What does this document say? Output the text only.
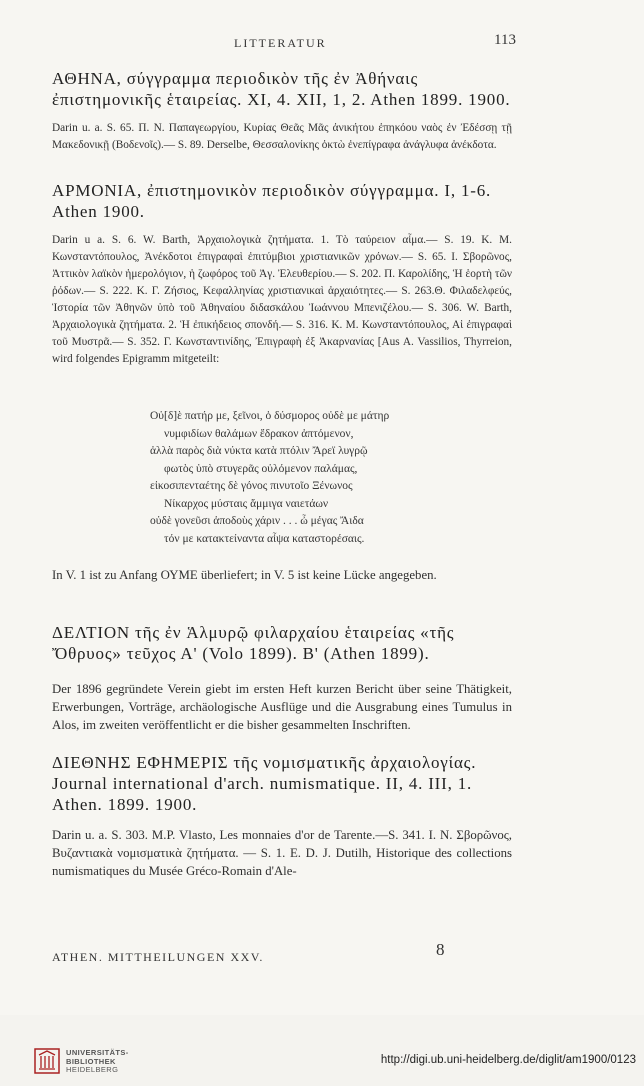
LITTERATUR	113
ΑΘΗΝΑ, σύγγραμμα περιοδικὸν τῆς ἐν Ἀθήναις ἐπιστημονικῆς ἑταιρείας. XI, 4. XII, 1, 2. Athen 1899. 1900.
Darin u. a. S. 65. Π. Ν. Παπαγεωργίου, Κυρίας Θεᾶς Μᾶς ἀνικήτου ἐπηκόου ναὸς ἐν Ἐδέσσῃ τῇ Μακεδονικῇ (Βοδενοῖς).— S. 89. Derselbe, Θεσσαλονίκης ὀκτὼ ἐνεπίγραφα ἀνάγλυφα ἀνέκδοτα.
ΑΡΜΟΝΙΑ, ἐπιστημονικὸν περιοδικὸν σύγγραμμα. I, 1-6. Athen 1900.
Darin u a. S. 6. W. Barth, Ἀρχαιολογικὰ ζητήματα. 1. Τὸ ταύρειον αἷμα.— S. 19. K. M. Κωνσταντόπουλος, Ἀνέκδοτοι ἐπιγραφαὶ ἐπιτύμβιοι χριστιανικῶν χρόνων.— S. 65. I. Σβορῶνος, Ἀττικὸν λαϊκὸν ἡμερολόγιον, ἡ ζωφόρος τοῦ Ἀγ. Ἐλευθερίου.— S. 202. Π. Καρολίδης, Ἡ ἑορτὴ τῶν ῥόδων.— S. 222. K. Γ. Ζήσιος, Κεφαλληνίας χριστιανικαὶ ἀρχαιότητες.— S. 263.Θ. Φιλαδελφεύς, Ἱστορία τῶν Ἀθηνῶν ὑπὸ τοῦ Ἀθηναίου διδασκάλου Ἰωάννου Μπενιζέλου.— S. 306. W. Barth, Ἀρχαιολογικὰ ζητήματα. 2. Ἡ ἐπικήδειος σπονδή.— S. 316. K. M. Κωνσταντόπουλος, Αἱ ἐπιγραφαὶ τοῦ Μυστρᾶ.— S. 352. Γ. Κωνσταντινίδης, Ἐπιγραφὴ ἐξ Ἀκαρνανίας [Aus A. Vassilios, Thyrreion, wird folgendes Epigramm mitgeteilt:
Οὐ[δ]ὲ πατήρ με, ξεῖνοι, ὁ δύσμορος οὐδὲ με μάτηρ
νυμφιδίων θαλάμων ἔδρακον ἁπτόμενον,
ἀλλὰ παρὸς διὰ νύκτα κατὰ πτόλιν Ἄρεϊ λυγρῷ
φωτὸς ὑπὸ στυγερᾶς οὐλόμενον παλάμας,
εἰκοσιπενταέτης δὲ γόνος πινυτοῖο Ξένωνος
Νίκαρχος μύσταις ἄμμιγα ναιετάων
οὐδὲ γονεῦσι ἀποδοὺς χάριν . . . ὦ μέγας Ἄιδα
τόν με κατακτείναντα αἶψα καταστορέσαις.
In V. 1 ist zu Anfang ΟΥΜΕ überliefert; in V. 5 ist keine Lücke angegeben.
ΔΕΛΤΙΟΝ τῆς ἐν Ἁλμυρῷ φιλαρχαίου ἑταιρείας «τῆς Ὄθρυος» τεῦχος Α' (Volo 1899). Β' (Athen 1899).
Der 1896 gegründete Verein giebt im ersten Heft kurzen Bericht über seine Thätigkeit, Erwerbungen, Vorträge, archäologische Ausflüge und die Ausgrabung eines Tumulus in Alos, im zweiten veröffentlicht er die bisher gesammelten Inschriften.
ΔΙΕΘΝΗΣ ΕΦΗΜΕΡΙΣ τῆς νομισματικῆς ἀρχαιολογίας. Journal international d'arch. numismatique. II, 4. III, 1. Athen. 1899. 1900.
Darin u. a. S. 303. M.P. Vlasto, Les monnaies d'or de Tarente.—S. 341. I. N. Σβορῶνος, Βυζαντιακὰ νομισματικὰ ζητήματα. — S. 1. E. D. J. Dutilh, Historique des collections numismatiques du Musée Gréco-Romain d'Ale-
ATHEN. MITTHEILUNGEN XXV.	8
UNIVERSITÄTS-
BIBLIOTHEK
HEIDELBERG
http://digi.ub.uni-heidelberg.de/diglit/am1900/0123
